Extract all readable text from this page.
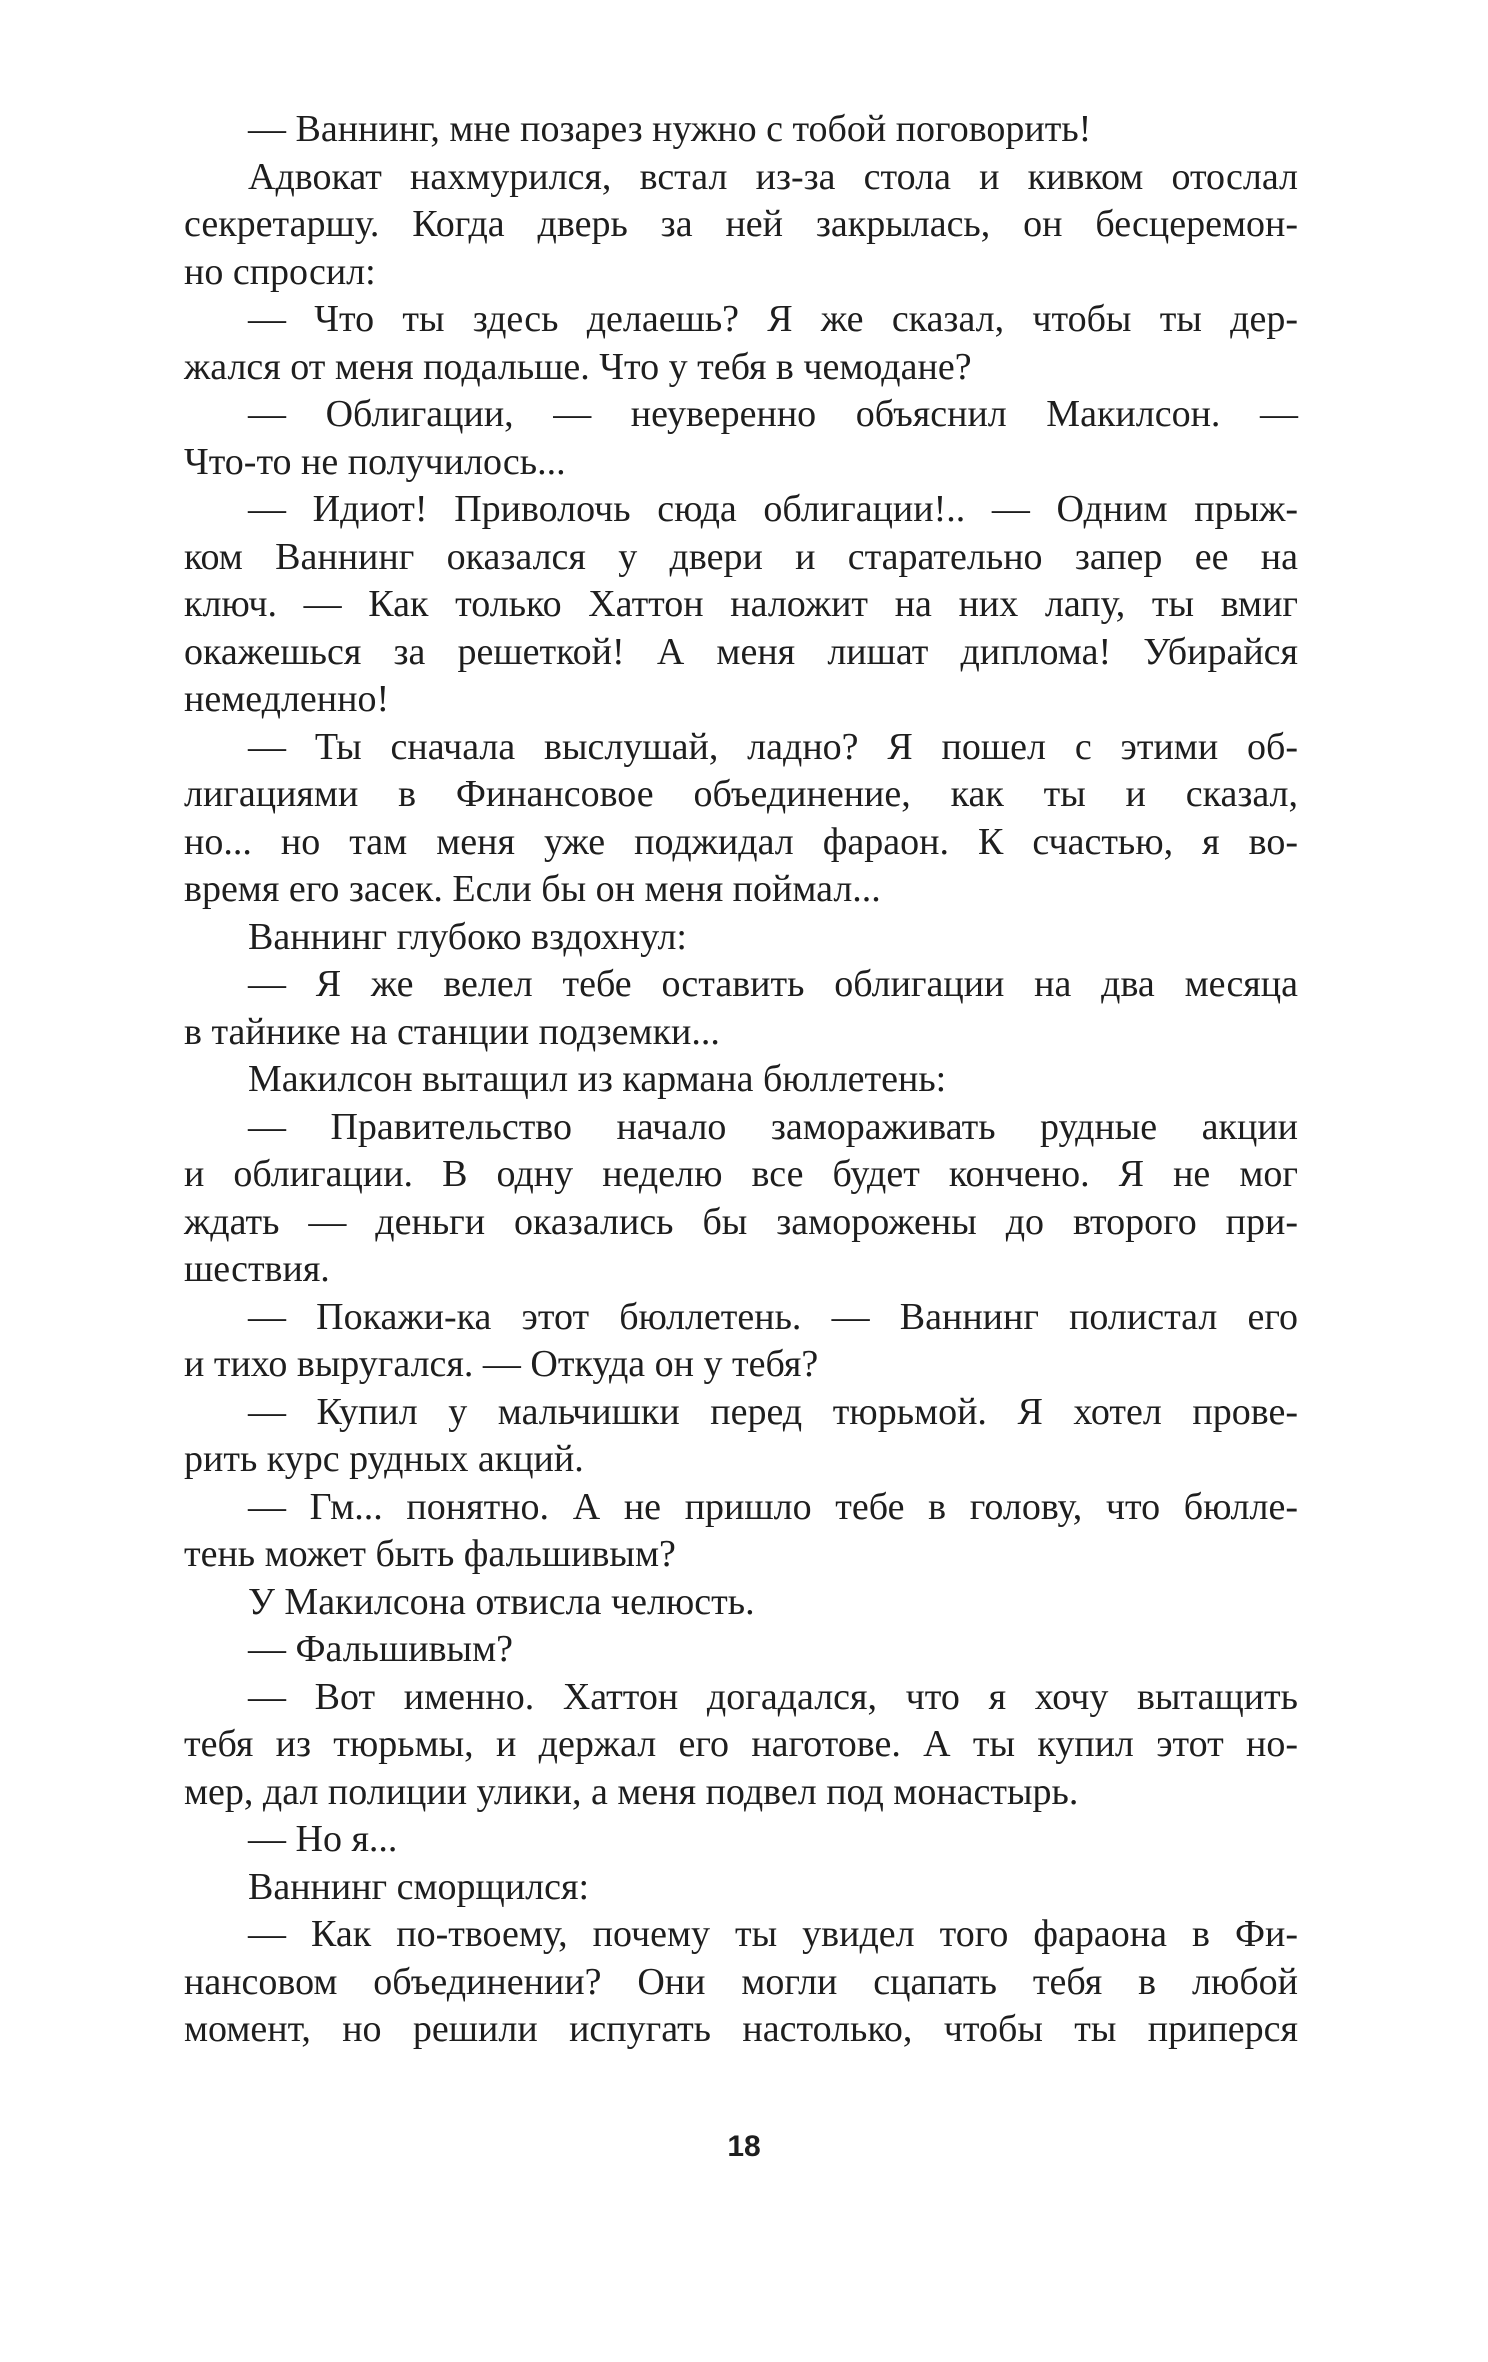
— Ваннинг, мне позарез нужно с тобой поговорить!
Адвокат нахмурился, встал из-за стола и кивком отослал
секретаршу. Когда дверь за ней закрылась, он бесцеремон-
но спросил:
— Что ты здесь делаешь? Я же сказал, чтобы ты дер-
жался от меня подальше. Что у тебя в чемодане?
— Облигации, — неуверенно объяснил Макилсон. —
Что-то не получилось...
— Идиот! Приволочь сюда облигации!.. — Одним прыж-
ком Ваннинг оказался у двери и старательно запер ее на
ключ. — Как только Хаттон наложит на них лапу, ты вмиг
окажешься за решеткой! А меня лишат диплома! Убирайся
немедленно!
— Ты сначала выслушай, ладно? Я пошел с этими об-
лигациями в Финансовое объединение, как ты и сказал,
но... но там меня уже поджидал фараон. К счастью, я во-
время его засек. Если бы он меня поймал...
Ваннинг глубоко вздохнул:
— Я же велел тебе оставить облигации на два месяца
в тайнике на станции подземки...
Макилсон вытащил из кармана бюллетень:
— Правительство начало замораживать рудные акции
и облигации. В одну неделю все будет кончено. Я не мог
ждать — деньги оказались бы заморожены до второго при-
шествия.
— Покажи-ка этот бюллетень. — Ваннинг полистал его
и тихо выругался. — Откуда он у тебя?
— Купил у мальчишки перед тюрьмой. Я хотел прове-
рить курс рудных акций.
— Гм... понятно. А не пришло тебе в голову, что бюлле-
тень может быть фальшивым?
У Макилсона отвисла челюсть.
— Фальшивым?
— Вот именно. Хаттон догадался, что я хочу вытащить
тебя из тюрьмы, и держал его наготове. А ты купил этот но-
мер, дал полиции улики, а меня подвел под монастырь.
— Но я...
Ваннинг сморщился:
— Как по-твоему, почему ты увидел того фараона в Фи-
нансовом объединении? Они могли сцапать тебя в любой
момент, но решили испугать настолько, чтобы ты приперся
18
